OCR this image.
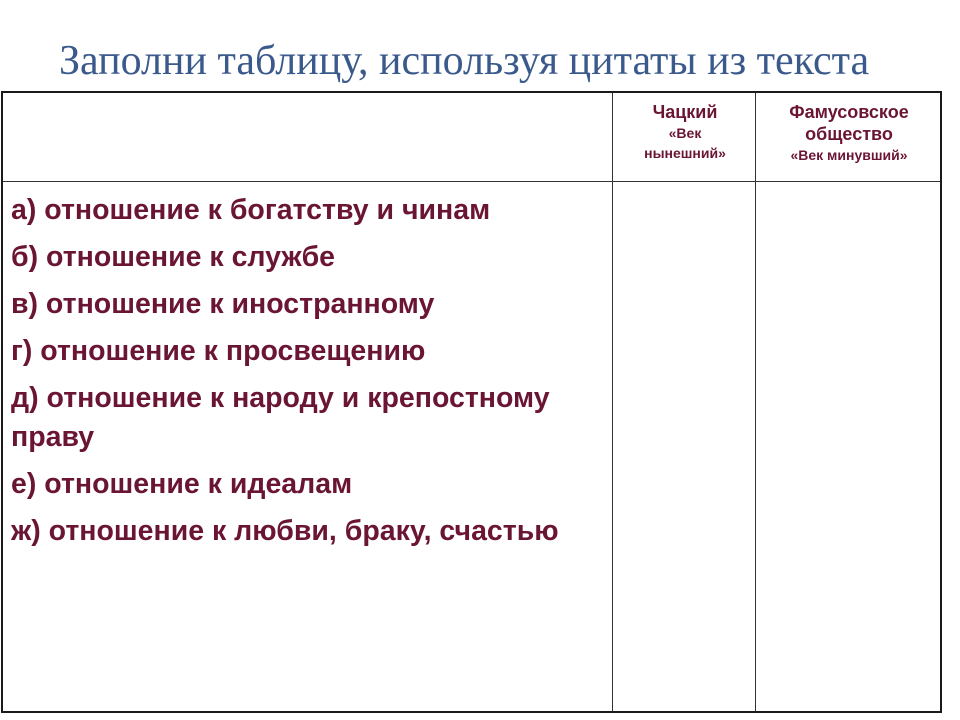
Заполни таблицу, используя цитаты из текста
Чацкий
«Век нынешний»
Фамусовское общество
«Век минувший»
а) отношение к богатству и чинам
б) отношение к службе
в) отношение к иностранному
г) отношение к просвещению
д) отношение к народу и крепостному праву
е) отношение к идеалам
ж) отношение к любви, браку, счастью
